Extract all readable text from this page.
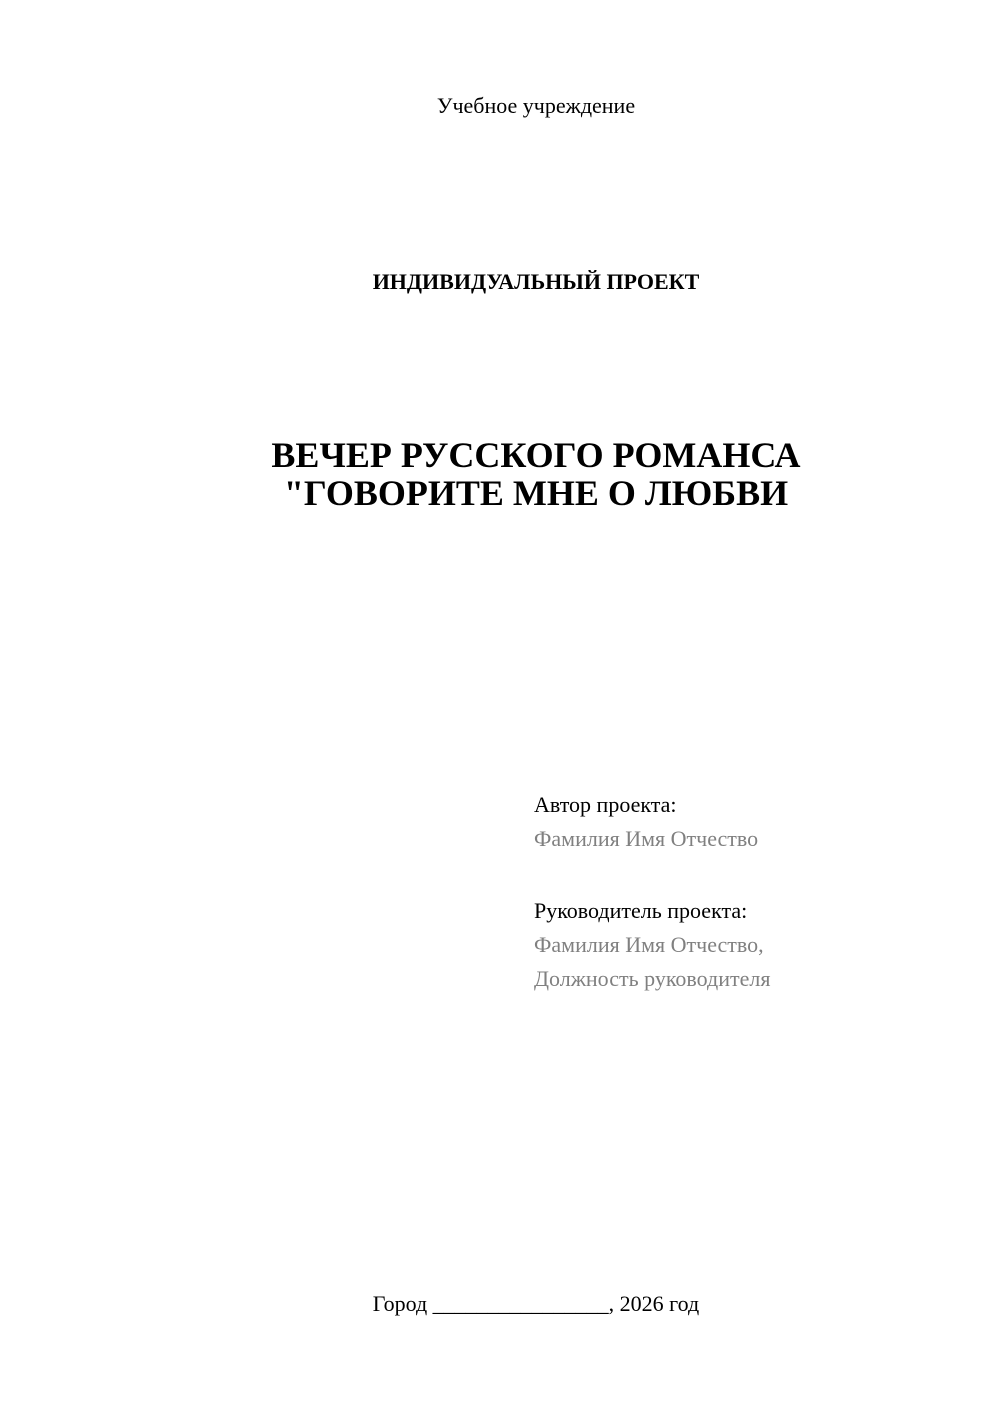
Учебное учреждение
ИНДИВИДУАЛЬНЫЙ ПРОЕКТ
ВЕЧЕР РУССКОГО РОМАНСА
"ГОВОРИТЕ МНЕ О ЛЮБВИ
Автор проекта:
Фамилия Имя Отчество
Руководитель проекта:
Фамилия Имя Отчество,
Должность руководителя
Город ________________, 2026 год
